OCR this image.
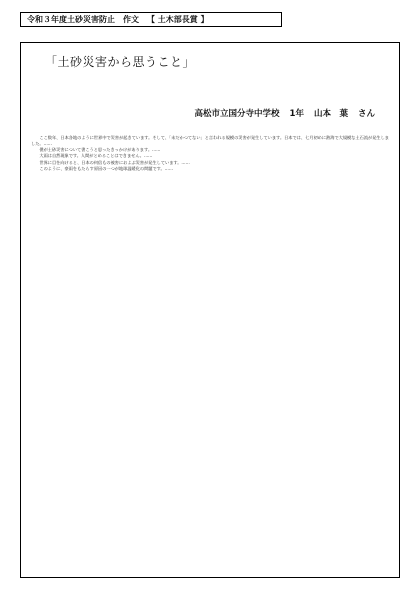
令和３年度土砂災害防止　作文 【 土木部長賞 】
「土砂災害から思うこと」
高松市立国分寺中学校 1年 山本　葉 さん

ここ数年、日本各地のように世界中で災害が起きています。そして、「未だかつてない」と言われる規模の災害が発生しています。日本では、七月初めに熱海で大規模な土石流が発生しました。……

僕が土砂災害について書こうと思ったきっかけがあります。……

大雨は自然現象です。人間がとめることはできません。……

世界に目を向けると、日本の何倍もの被害におよぶ災害が発生しています。……

このように、豪雨をもたらす原因の一つが地球温暖化の問題です。……
